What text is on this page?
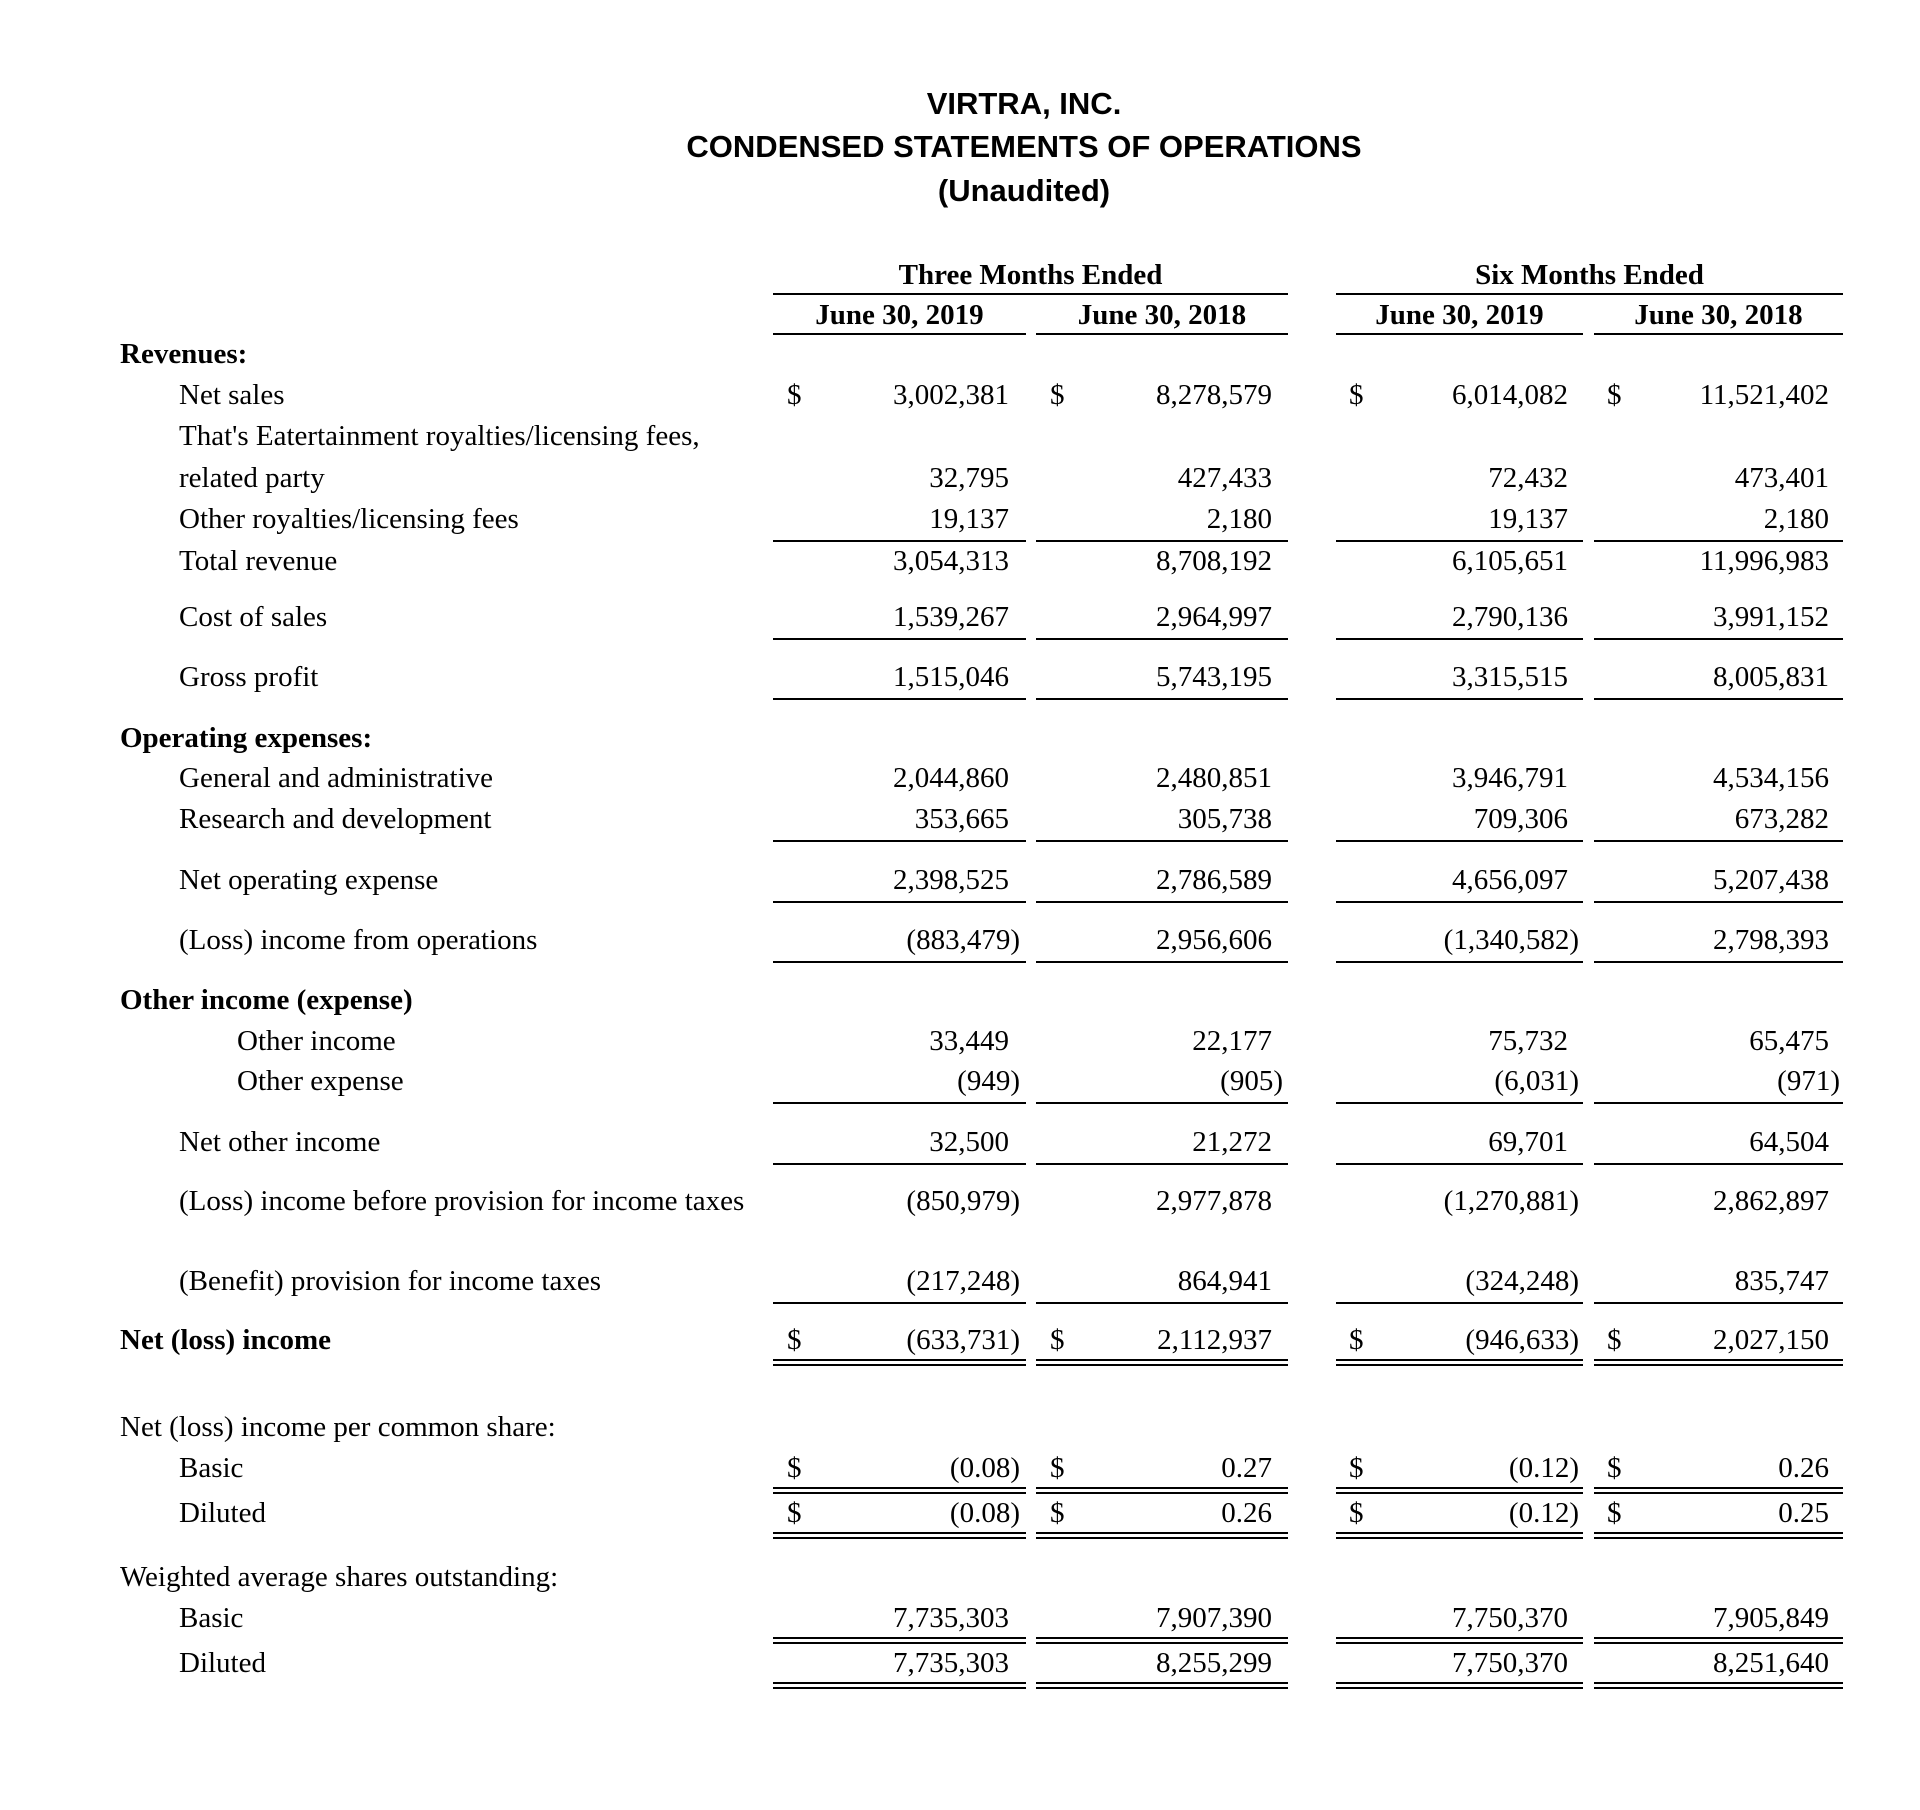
VIRTRA, INC.
CONDENSED STATEMENTS OF OPERATIONS
(Unaudited)
Three Months Ended	Six Months Ended
June 30, 2019	June 30, 2018	June 30, 2019	June 30, 2018
Revenues:
Net sales	$	3,002,381 $	8,278,579	$	6,014,082 $	11,521,402
That's Eatertainment royalties/licensing fees,
related party	32,795	427,433	72,432	473,401
Other royalties/licensing fees	19,137	2,180	19,137	2,180
Total revenue	3,054,313	8,708,192	6,105,651	11,996,983
Cost of sales	1,539,267	2,964,997	2,790,136	3,991,152
Gross profit	1,515,046	5,743,195	3,315,515	8,005,831
Operating expenses:
General and administrative	2,044,860	2,480,851	3,946,791	4,534,156
Research and development	353,665	305,738	709,306	673,282
Net operating expense	2,398,525	2,786,589	4,656,097	5,207,438
(Loss) income from operations	(883,479)	2,956,606	(1,340,582)	2,798,393
Other income (expense)
Other income	33,449	22,177	75,732	65,475
Other expense	(949)	(905)	(6,031)	(971)
Net other income	32,500	21,272	69,701	64,504
(Loss) income before provision for income taxes	(850,979)	2,977,878	(1,270,881)	2,862,897
(Benefit) provision for income taxes	(217,248)	864,941	(324,248)	835,747
Net (loss) income	$	(633,731) $	2,112,937	$	(946,633) $	2,027,150
Net (loss) income per common share:
Basic	$	(0.08) $	0.27	$	(0.12) $	0.26
Diluted	$	(0.08) $	0.26	$	(0.12) $	0.25
Weighted average shares outstanding:
Basic	7,735,303	7,907,390	7,750,370	7,905,849
Diluted	7,735,303	8,255,299	7,750,370	8,251,640
